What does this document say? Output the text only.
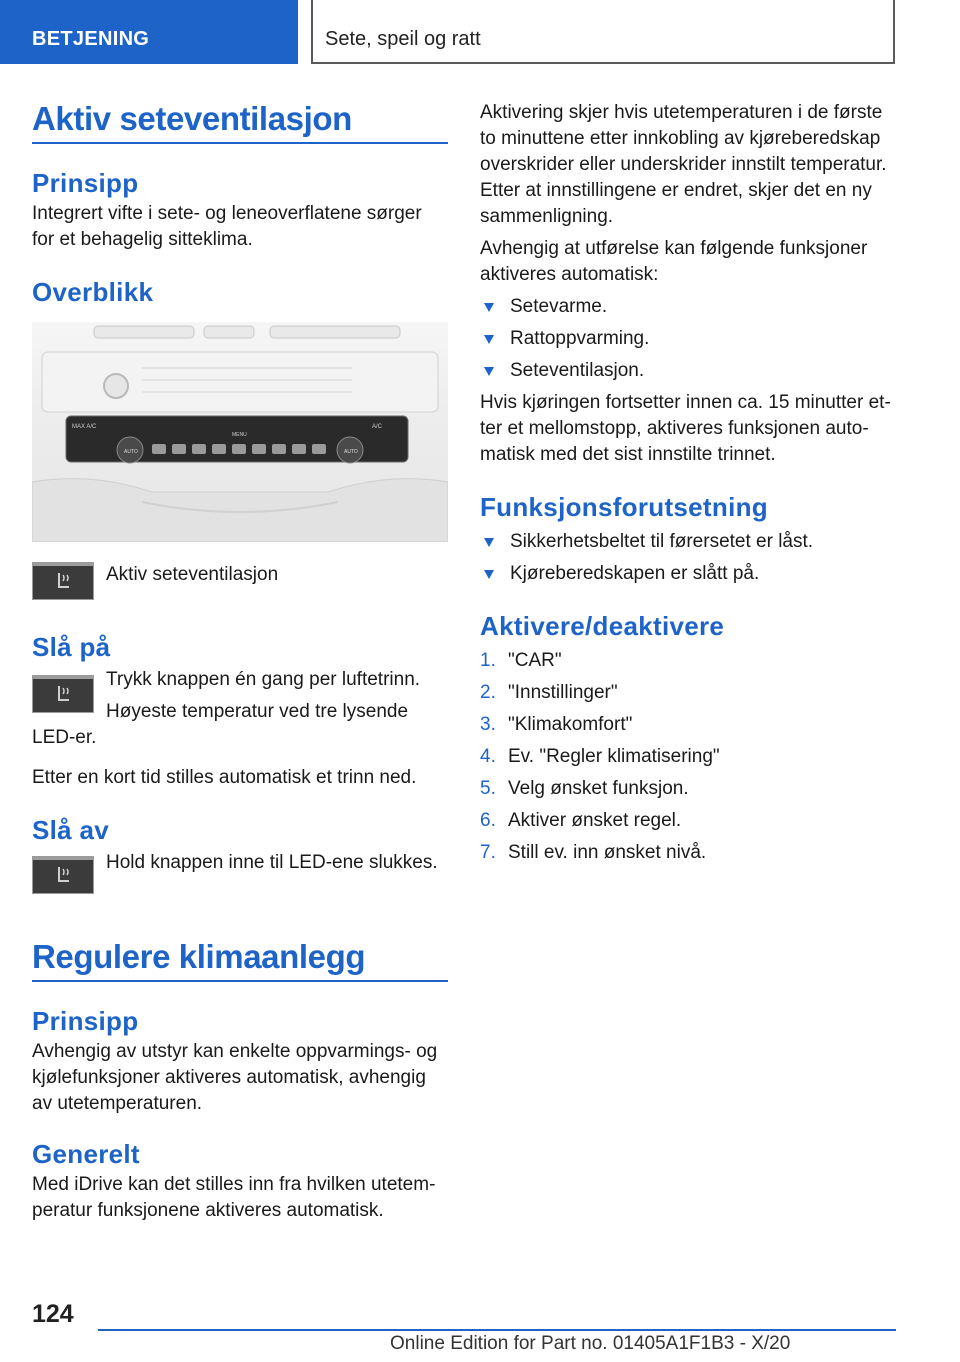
BETJENING	Sete, speil og ratt
Aktiv seteventilasjon
Prinsipp

Integrert vifte i sete- og leneoverflatene sørger for et behagelig sitteklima.

Overblikk
MAX A/C
AUTO
MENU
A/C
AUTO

Aktiv seteventilasjon

Slå på

Trykk knappen én gang per luftetrinn.

Høyeste temperatur ved tre lysende LED-er.

Etter en kort tid stilles automatisk et trinn ned.

Slå av

Hold knappen inne til LED-ene slukkes.

Regulere klimaanlegg
Prinsipp

Avhengig av utstyr kan enkelte oppvarmings- og kjølefunksjoner aktiveres automatisk, avhengig av utetemperaturen.

Generelt

Med iDrive kan det stilles inn fra hvilken utetemperatur funksjonene aktiveres automatisk.

Aktivering skjer hvis utetemperaturen i de første to minuttene etter innkobling av kjøreberedskap overskrider eller underskrider innstilt temperatur. Etter at innstillingene er endret, skjer det en ny sammenligning.

Avhengig at utførelse kan følgende funksjoner aktiveres automatisk:

Setevarme.
Rattoppvarming.
Seteventilasjon.

Hvis kjøringen fortsetter innen ca. 15 minutter etter et mellomstopp, aktiveres funksjonen automatisk med det sist innstilte trinnet.

Funksjonsforutsetning
Sikkerhetsbeltet til førersetet er låst.
Kjøreberedskapen er slått på.
Aktivere/deaktivere
1. "CAR"
2. "Innstillinger"
3. "Klimakomfort"
4. Ev. "Regler klimatisering"
5. Velg ønsket funksjon.
6. Aktiver ønsket regel.
7. Still ev. inn ønsket nivå.
124
Online Edition for Part no. 01405A1F1B3 - X/20
